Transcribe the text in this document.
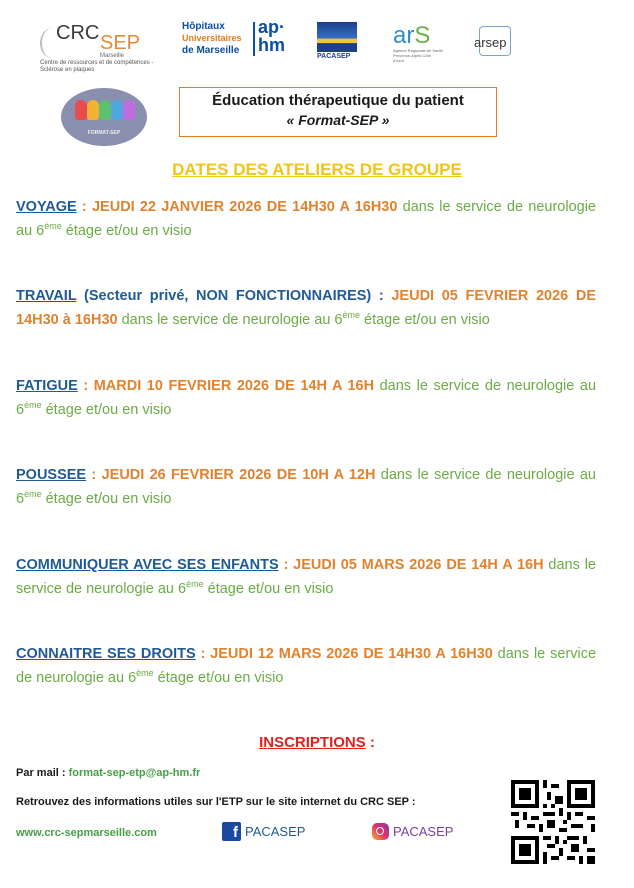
CRC SEP
Marseille
Centre de ressources et de compétences - Sclérose en plaques
Hôpitaux
Universitaires
de Marseille
ap·
hm
PACASEP
arS
Agence Régionale de Santé Provence-Alpes Côte d'Azur
arsep
FORMAT-SEP
Éducation thérapeutique du patient
« Format-SEP »
DATES DES ATELIERS DE GROUPE
VOYAGE : JEUDI 22 JANVIER 2026 DE 14H30 A 16H30 dans le service de neurologie au 6ème étage et/ou en visio
TRAVAIL (Secteur privé, NON FONCTIONNAIRES) : JEUDI 05 FEVRIER 2026 DE 14H30 à 16H30 dans le service de neurologie au 6ème étage et/ou en visio
FATIGUE : MARDI 10 FEVRIER 2026 DE 14H A 16H dans le service de neurologie au 6ème étage et/ou en visio
POUSSEE : JEUDI 26 FEVRIER 2026 DE 10H A 12H dans le service de neurologie au 6ème étage et/ou en visio
COMMUNIQUER AVEC SES ENFANTS : JEUDI 05 MARS 2026 DE 14H A 16H dans le service de neurologie au 6ème étage et/ou en visio
CONNAITRE SES DROITS : JEUDI 12 MARS 2026 DE 14H30 A 16H30 dans le service de neurologie au 6ème étage et/ou en visio
INSCRIPTIONS :
Par mail : format-sep-etp@ap-hm.fr
Retrouvez des informations utiles sur l'ETP sur le site internet du CRC SEP :
www.crc-sepmarseille.com	f PACASEP	PACASEP
